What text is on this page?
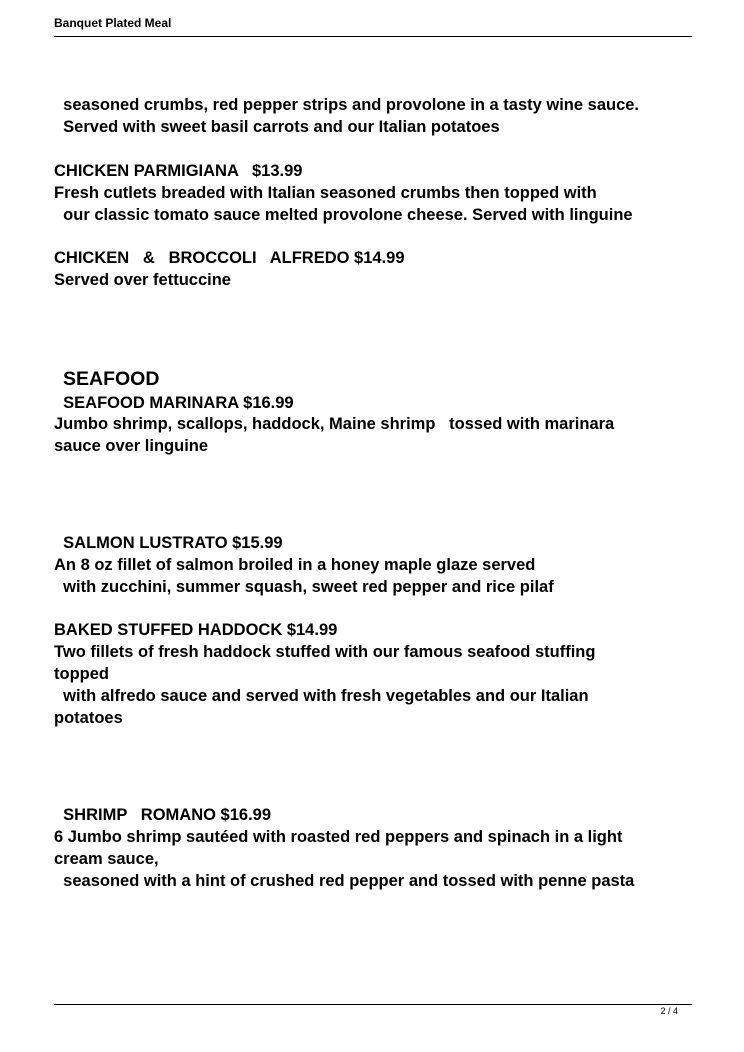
Banquet Plated Meal
seasoned crumbs, red pepper strips and provolone in a tasty wine sauce.
Served with sweet basil carrots and our Italian potatoes
CHICKEN PARMIGIANA   $13.99
Fresh cutlets breaded with Italian seasoned crumbs then topped with
our classic tomato sauce melted provolone cheese. Served with linguine
CHICKEN   &   BROCCOLI   ALFREDO $14.99
Served over fettuccine
SEAFOOD
SEAFOOD MARINARA $16.99
Jumbo shrimp, scallops, haddock, Maine shrimp   tossed with marinara
sauce over linguine
SALMON LUSTRATO $15.99
An 8 oz fillet of salmon broiled in a honey maple glaze served
with zucchini, summer squash, sweet red pepper and rice pilaf
BAKED STUFFED HADDOCK $14.99
Two fillets of fresh haddock stuffed with our famous seafood stuffing
topped
with alfredo sauce and served with fresh vegetables and our Italian
potatoes
SHRIMP   ROMANO $16.99
6 Jumbo shrimp sautéed with roasted red peppers and spinach in a light
cream sauce,
seasoned with a hint of crushed red pepper and tossed with penne pasta
2 / 4
